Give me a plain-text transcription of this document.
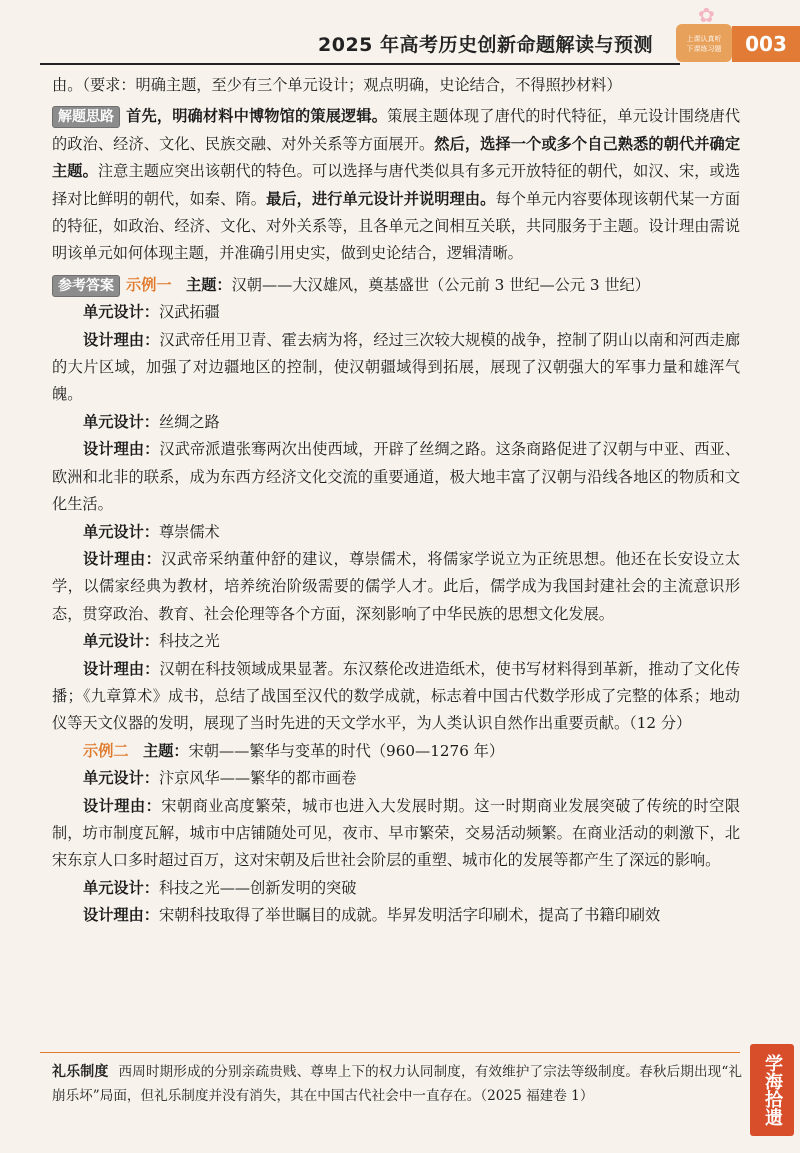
2025 年高考历史创新命题解读与预测
✿
上课认真听
下课练习题	003

由。（要求：明确主题，至少有三个单元设计；观点明确，史论结合，不得照抄材料）

解题思路 首先，明确材料中博物馆的策展逻辑。策展主题体现了唐代的时代特征，单元设计围绕唐代的政治、经济、文化、民族交融、对外关系等方面展开。然后，选择一个或多个自己熟悉的朝代并确定主题。注意主题应突出该朝代的特色。可以选择与唐代类似具有多元开放特征的朝代，如汉、宋，或选择对比鲜明的朝代，如秦、隋。最后，进行单元设计并说明理由。每个单元内容要体现该朝代某一方面的特征，如政治、经济、文化、对外关系等，且各单元之间相互关联，共同服务于主题。设计理由需说明该单元如何体现主题，并准确引用史实，做到史论结合，逻辑清晰。

参考答案 示例一 主题：汉朝——大汉雄风，奠基盛世（公元前 3 世纪—公元 3 世纪）

单元设计：汉武拓疆

设计理由：汉武帝任用卫青、霍去病为将，经过三次较大规模的战争，控制了阴山以南和河西走廊的大片区域，加强了对边疆地区的控制，使汉朝疆域得到拓展，展现了汉朝强大的军事力量和雄浑气魄。

单元设计：丝绸之路

设计理由：汉武帝派遣张骞两次出使西域，开辟了丝绸之路。这条商路促进了汉朝与中亚、西亚、欧洲和北非的联系，成为东西方经济文化交流的重要通道，极大地丰富了汉朝与沿线各地区的物质和文化生活。

单元设计：尊崇儒术

设计理由：汉武帝采纳董仲舒的建议，尊崇儒术，将儒家学说立为正统思想。他还在长安设立太学，以儒家经典为教材，培养统治阶级需要的儒学人才。此后，儒学成为我国封建社会的主流意识形态，贯穿政治、教育、社会伦理等各个方面，深刻影响了中华民族的思想文化发展。

单元设计：科技之光

设计理由：汉朝在科技领域成果显著。东汉蔡伦改进造纸术，使书写材料得到革新，推动了文化传播；《九章算术》成书，总结了战国至汉代的数学成就，标志着中国古代数学形成了完整的体系；地动仪等天文仪器的发明，展现了当时先进的天文学水平，为人类认识自然作出重要贡献。（12 分）

示例二 主题：宋朝——繁华与变革的时代（960—1276 年）

单元设计：汴京风华——繁华的都市画卷

设计理由：宋朝商业高度繁荣，城市也进入大发展时期。这一时期商业发展突破了传统的时空限制，坊市制度瓦解，城市中店铺随处可见，夜市、早市繁荣，交易活动频繁。在商业活动的刺激下，北宋东京人口多时超过百万，这对宋朝及后世社会阶层的重塑、城市化的发展等都产生了深远的影响。

单元设计：科技之光——创新发明的突破

设计理由：宋朝科技取得了举世瞩目的成就。毕昇发明活字印刷术，提高了书籍印刷效

礼乐制度 西周时期形成的分别亲疏贵贱、尊卑上下的权力认同制度，有效维护了宗法等级制度。春秋后期出现“礼崩乐坏”局面，但礼乐制度并没有消失，其在中国古代社会中一直存在。（2025 福建卷 1）	学海拾遗
